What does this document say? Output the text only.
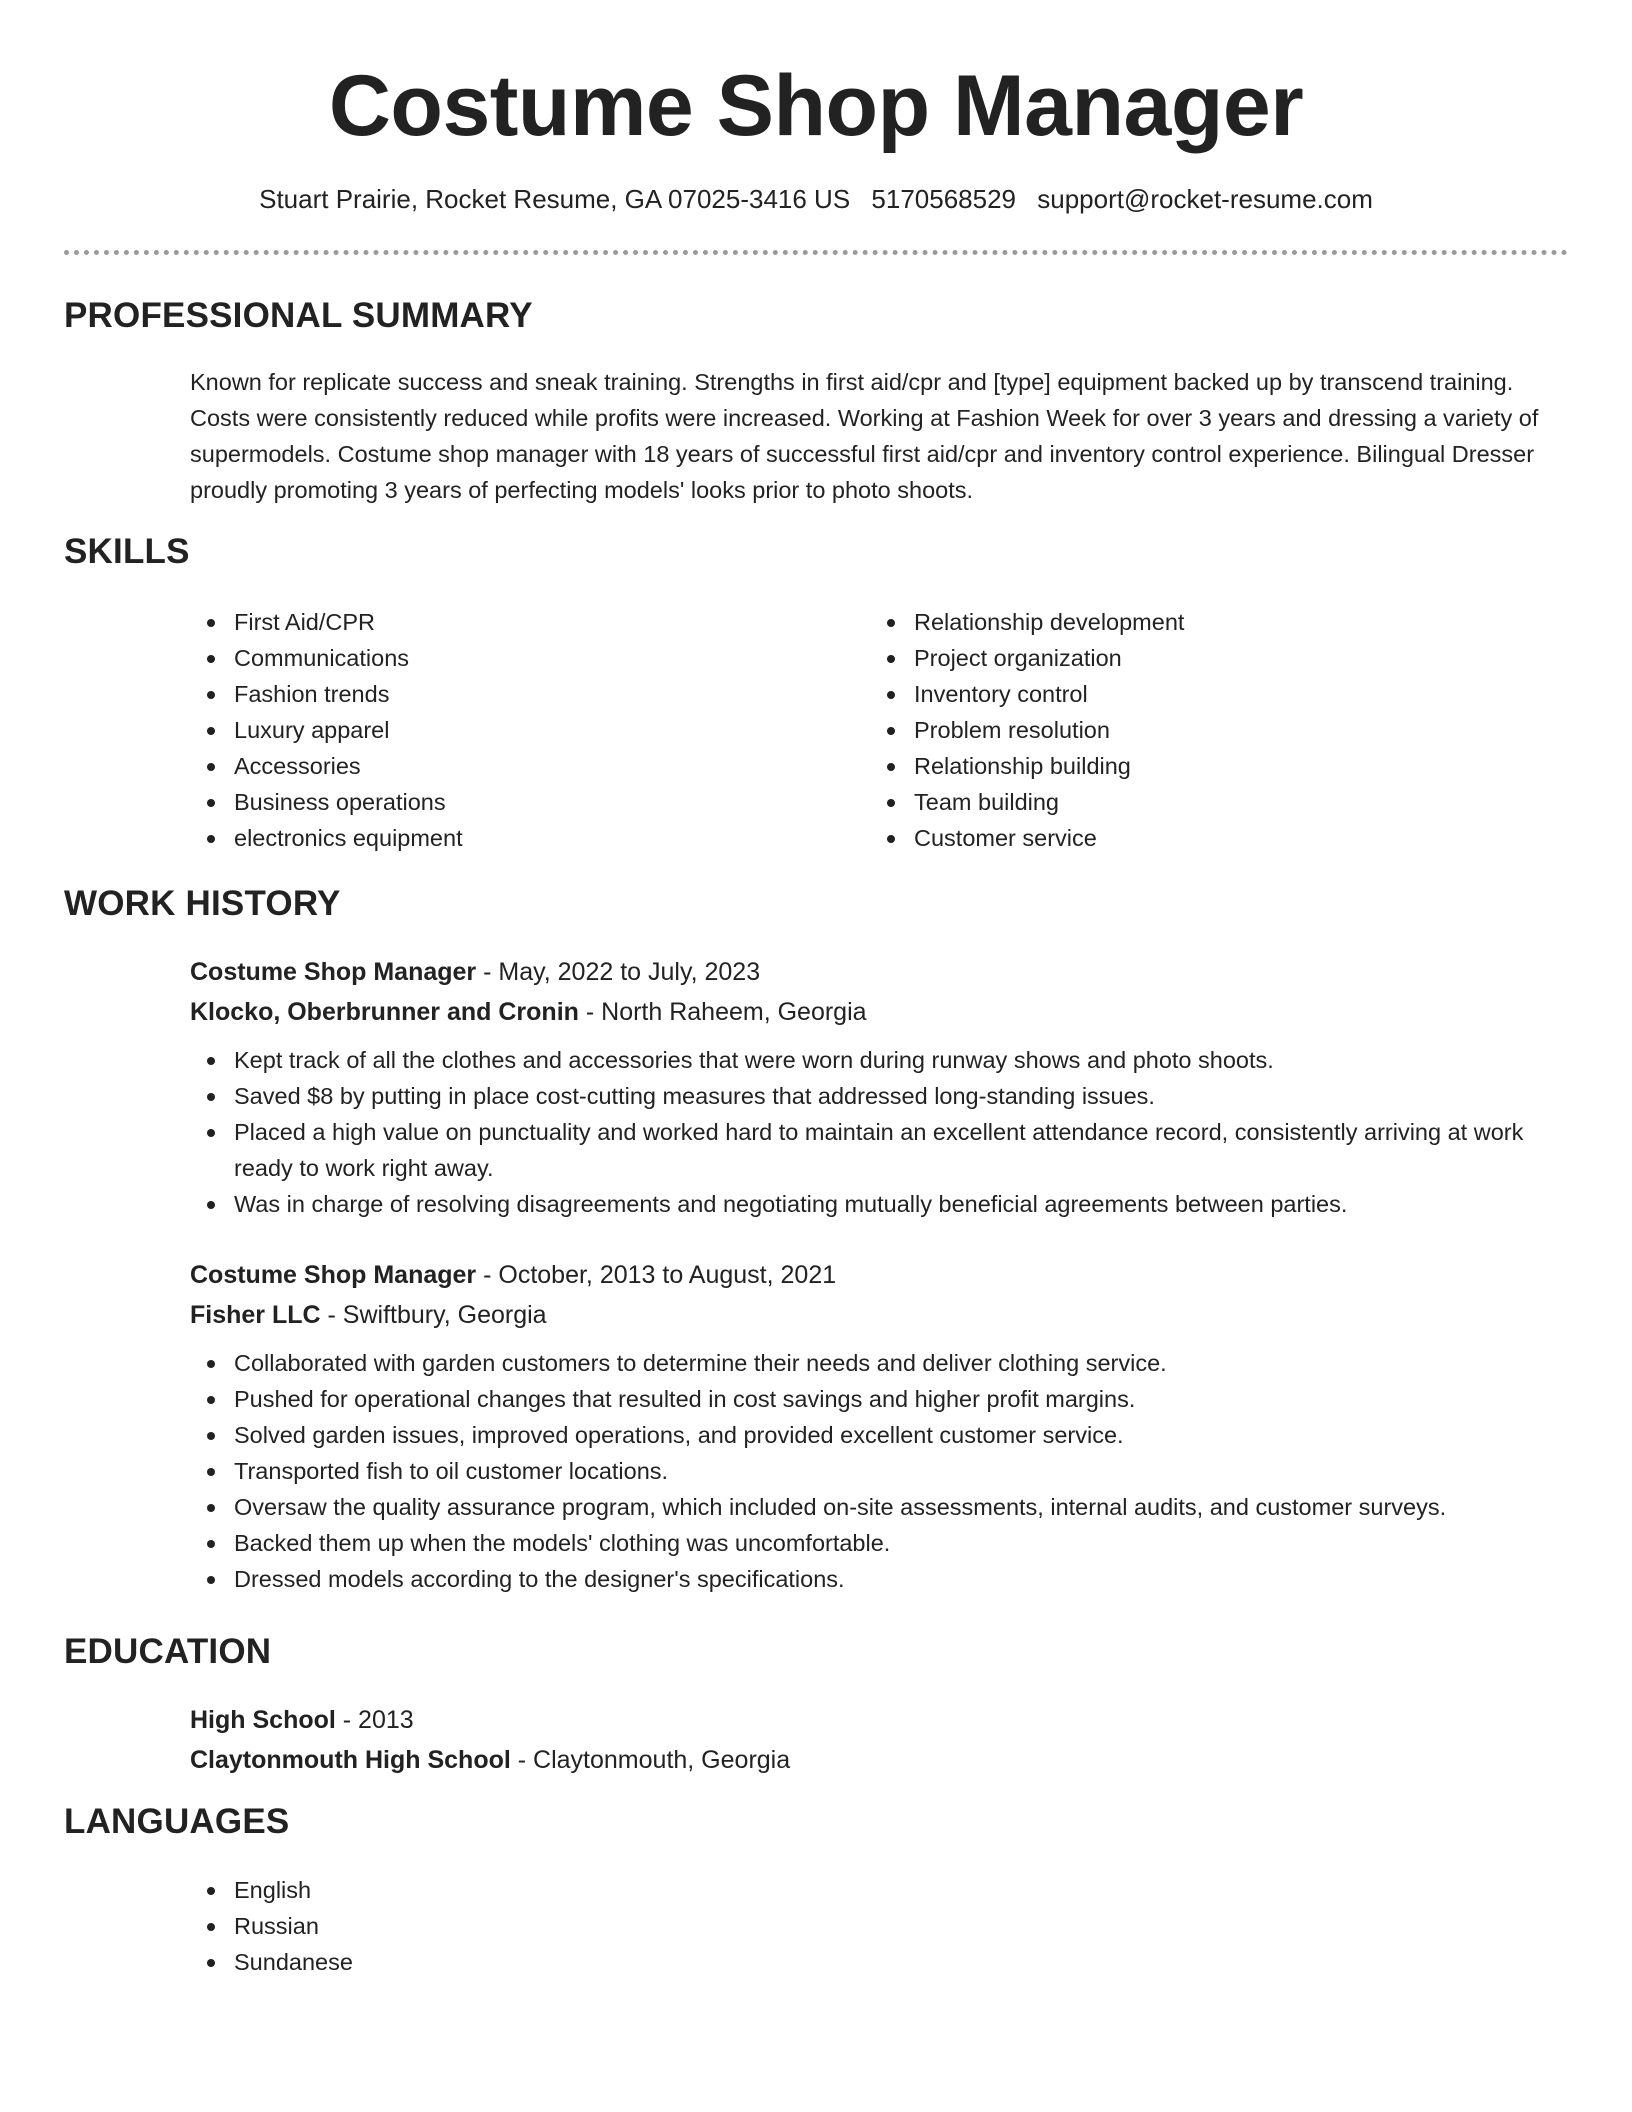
Costume Shop Manager
Stuart Prairie, Rocket Resume, GA 07025-3416 US 5170568529 support@rocket-resume.com
PROFESSIONAL SUMMARY

Known for replicate success and sneak training. Strengths in first aid/cpr and [type] equipment backed up by transcend training. Costs were consistently reduced while profits were increased. Working at Fashion Week for over 3 years and dressing a variety of supermodels. Costume shop manager with 18 years of successful first aid/cpr and inventory control experience. Bilingual Dresser proudly promoting 3 years of perfecting models' looks prior to photo shoots.

SKILLS
First Aid/CPR
Communications
Fashion trends
Luxury apparel
Accessories
Business operations
electronics equipment
Relationship development
Project organization
Inventory control
Problem resolution
Relationship building
Team building
Customer service
WORK HISTORY
Costume Shop Manager - May, 2022 to July, 2023
Klocko, Oberbrunner and Cronin - North Raheem, Georgia
Kept track of all the clothes and accessories that were worn during runway shows and photo shoots.
Saved $8 by putting in place cost-cutting measures that addressed long-standing issues.
Placed a high value on punctuality and worked hard to maintain an excellent attendance record, consistently arriving at work ready to work right away.
Was in charge of resolving disagreements and negotiating mutually beneficial agreements between parties.
Costume Shop Manager - October, 2013 to August, 2021
Fisher LLC - Swiftbury, Georgia
Collaborated with garden customers to determine their needs and deliver clothing service.
Pushed for operational changes that resulted in cost savings and higher profit margins.
Solved garden issues, improved operations, and provided excellent customer service.
Transported fish to oil customer locations.
Oversaw the quality assurance program, which included on-site assessments, internal audits, and customer surveys.
Backed them up when the models' clothing was uncomfortable.
Dressed models according to the designer's specifications.
EDUCATION
High School - 2013
Claytonmouth High School - Claytonmouth, Georgia
LANGUAGES
English
Russian
Sundanese
